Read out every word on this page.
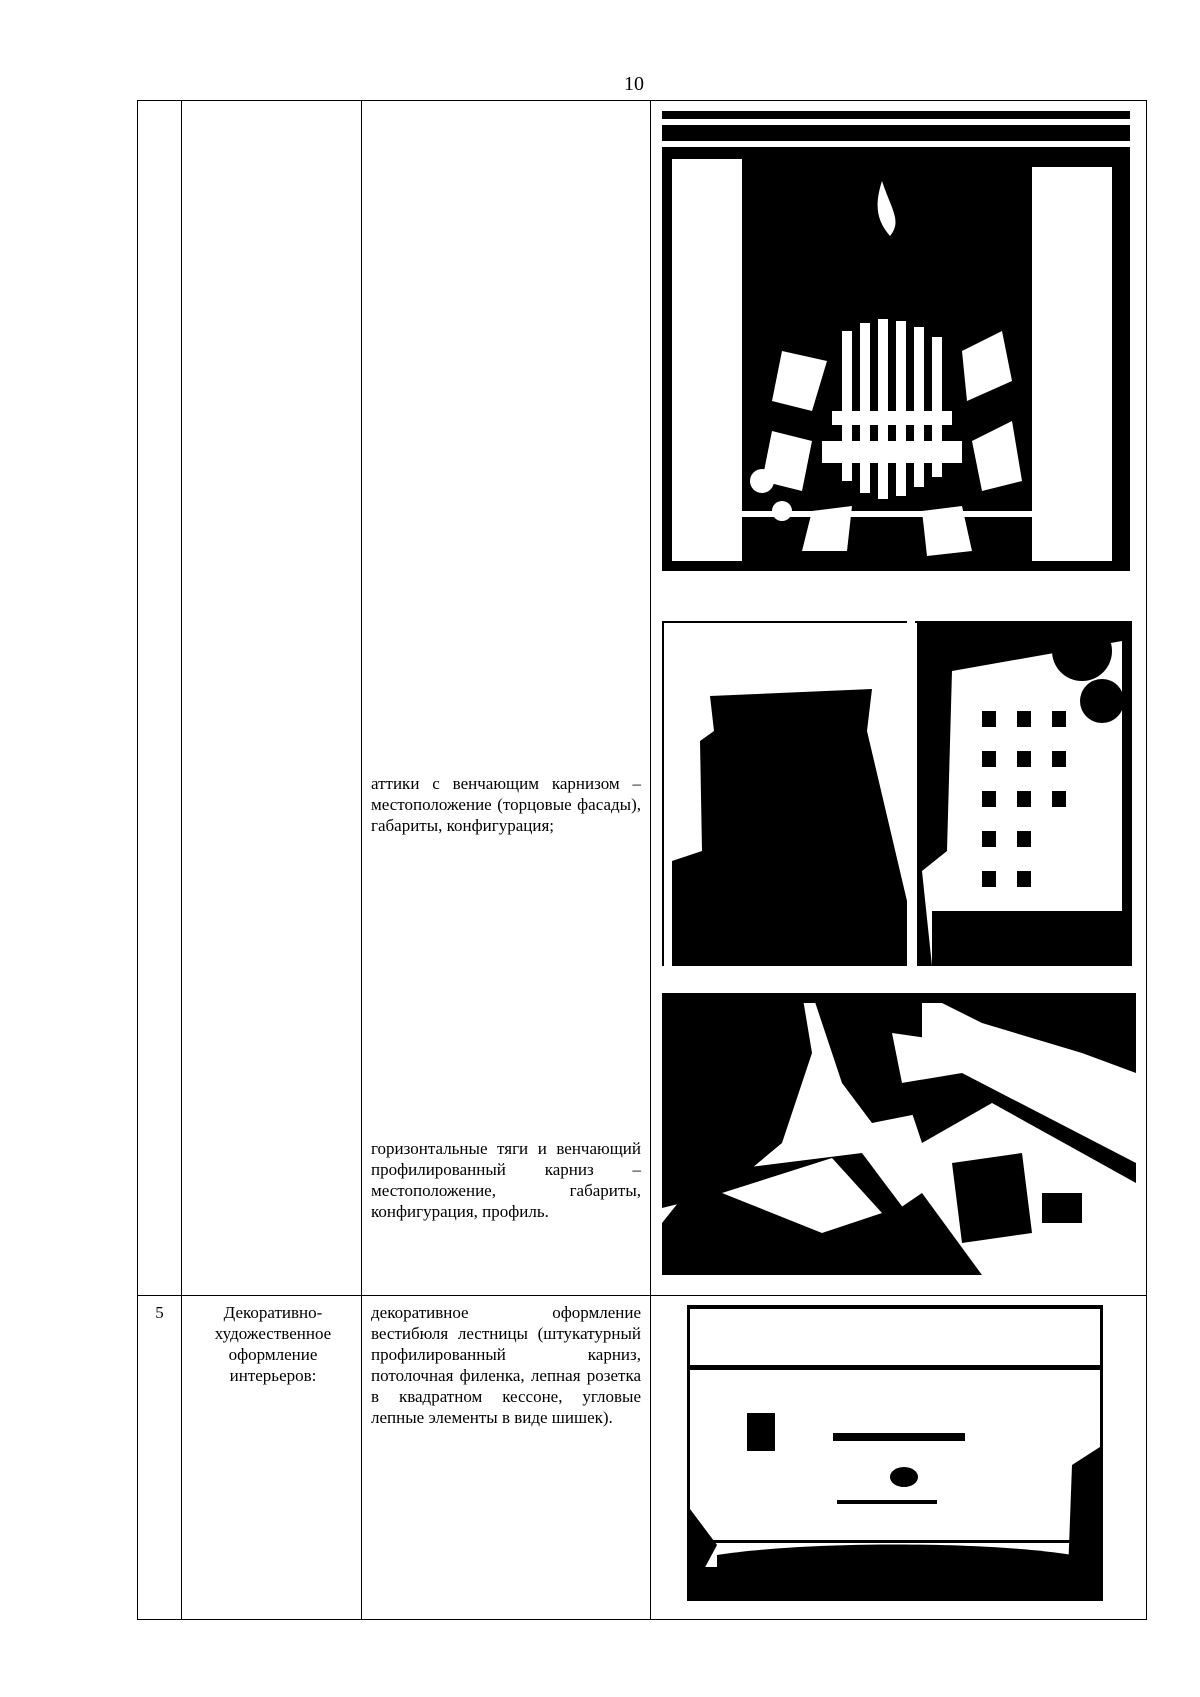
10
аттики с венчающим карнизом – местоположение (торцовые фасады), габариты, конфигурация;
горизонтальные тяги и венчающий профилированный карниз – местоположение, габариты, конфигурация, профиль.
5	Декоративно-художественное оформление интерьеров:
декоративное оформление вестибюля лестницы (штукатурный профилированный карниз, потолочная филенка, лепная розетка в квадратном кессоне, угловые лепные элементы в виде шишек).
